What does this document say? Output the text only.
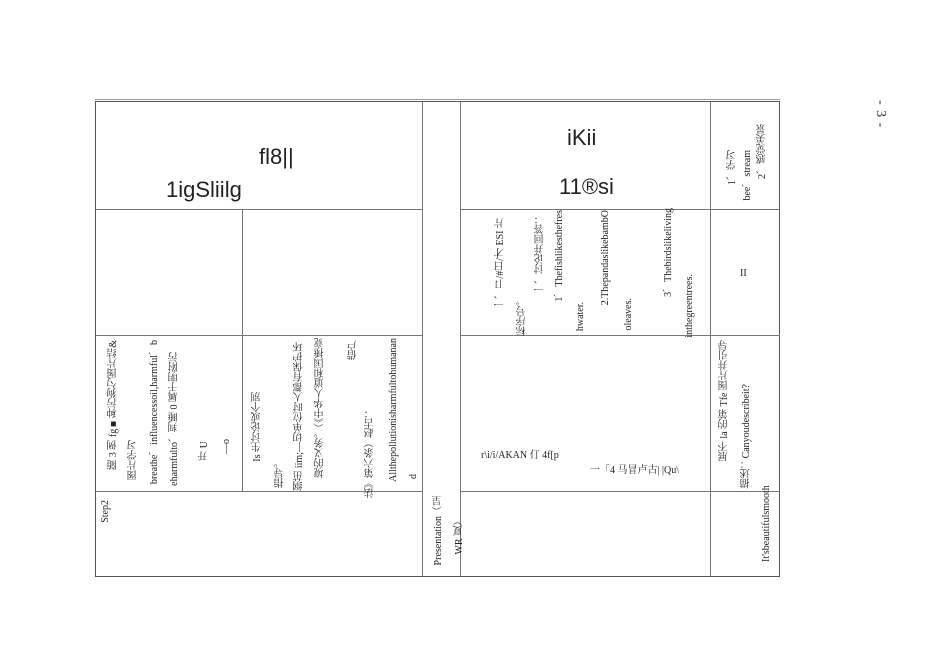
- 3 -
fl8||
1igSliilg
iKii
11®si
1、学习 bee、stream 2、感觉美景
II
Step2
随 3 例 fg■种污狗勺图片结& 图片学习 breathe、influencessoil,harmful、b eharmfulto、判睡 0 属于明附污 开 U —o Is 生讨论或个别
指导。 纲茁 iim;—切单位时人都有保护环 境的义务。（《中华人道和国捶竟 借户
法》第六条）赵古： Allthepollutionisharmfultohumanan d
Presentation（呈 WR 夏）
一、卩/#曰/才 ESI 片
标序号。
一、讨论并回答： 1、Thefishlikesthefres
hwater.
2.ThepandaslikebambO
oleaves.
3、Thebirdslikeliving
inthegreentrees.
r\i/i/AKAN 仃 4f[p
一「4 马冒卢古| |Qu\
展不 la 的第 Tfe 图片并引导 描述：Canyoudescribeit?
It'sbeautifulsmooth
